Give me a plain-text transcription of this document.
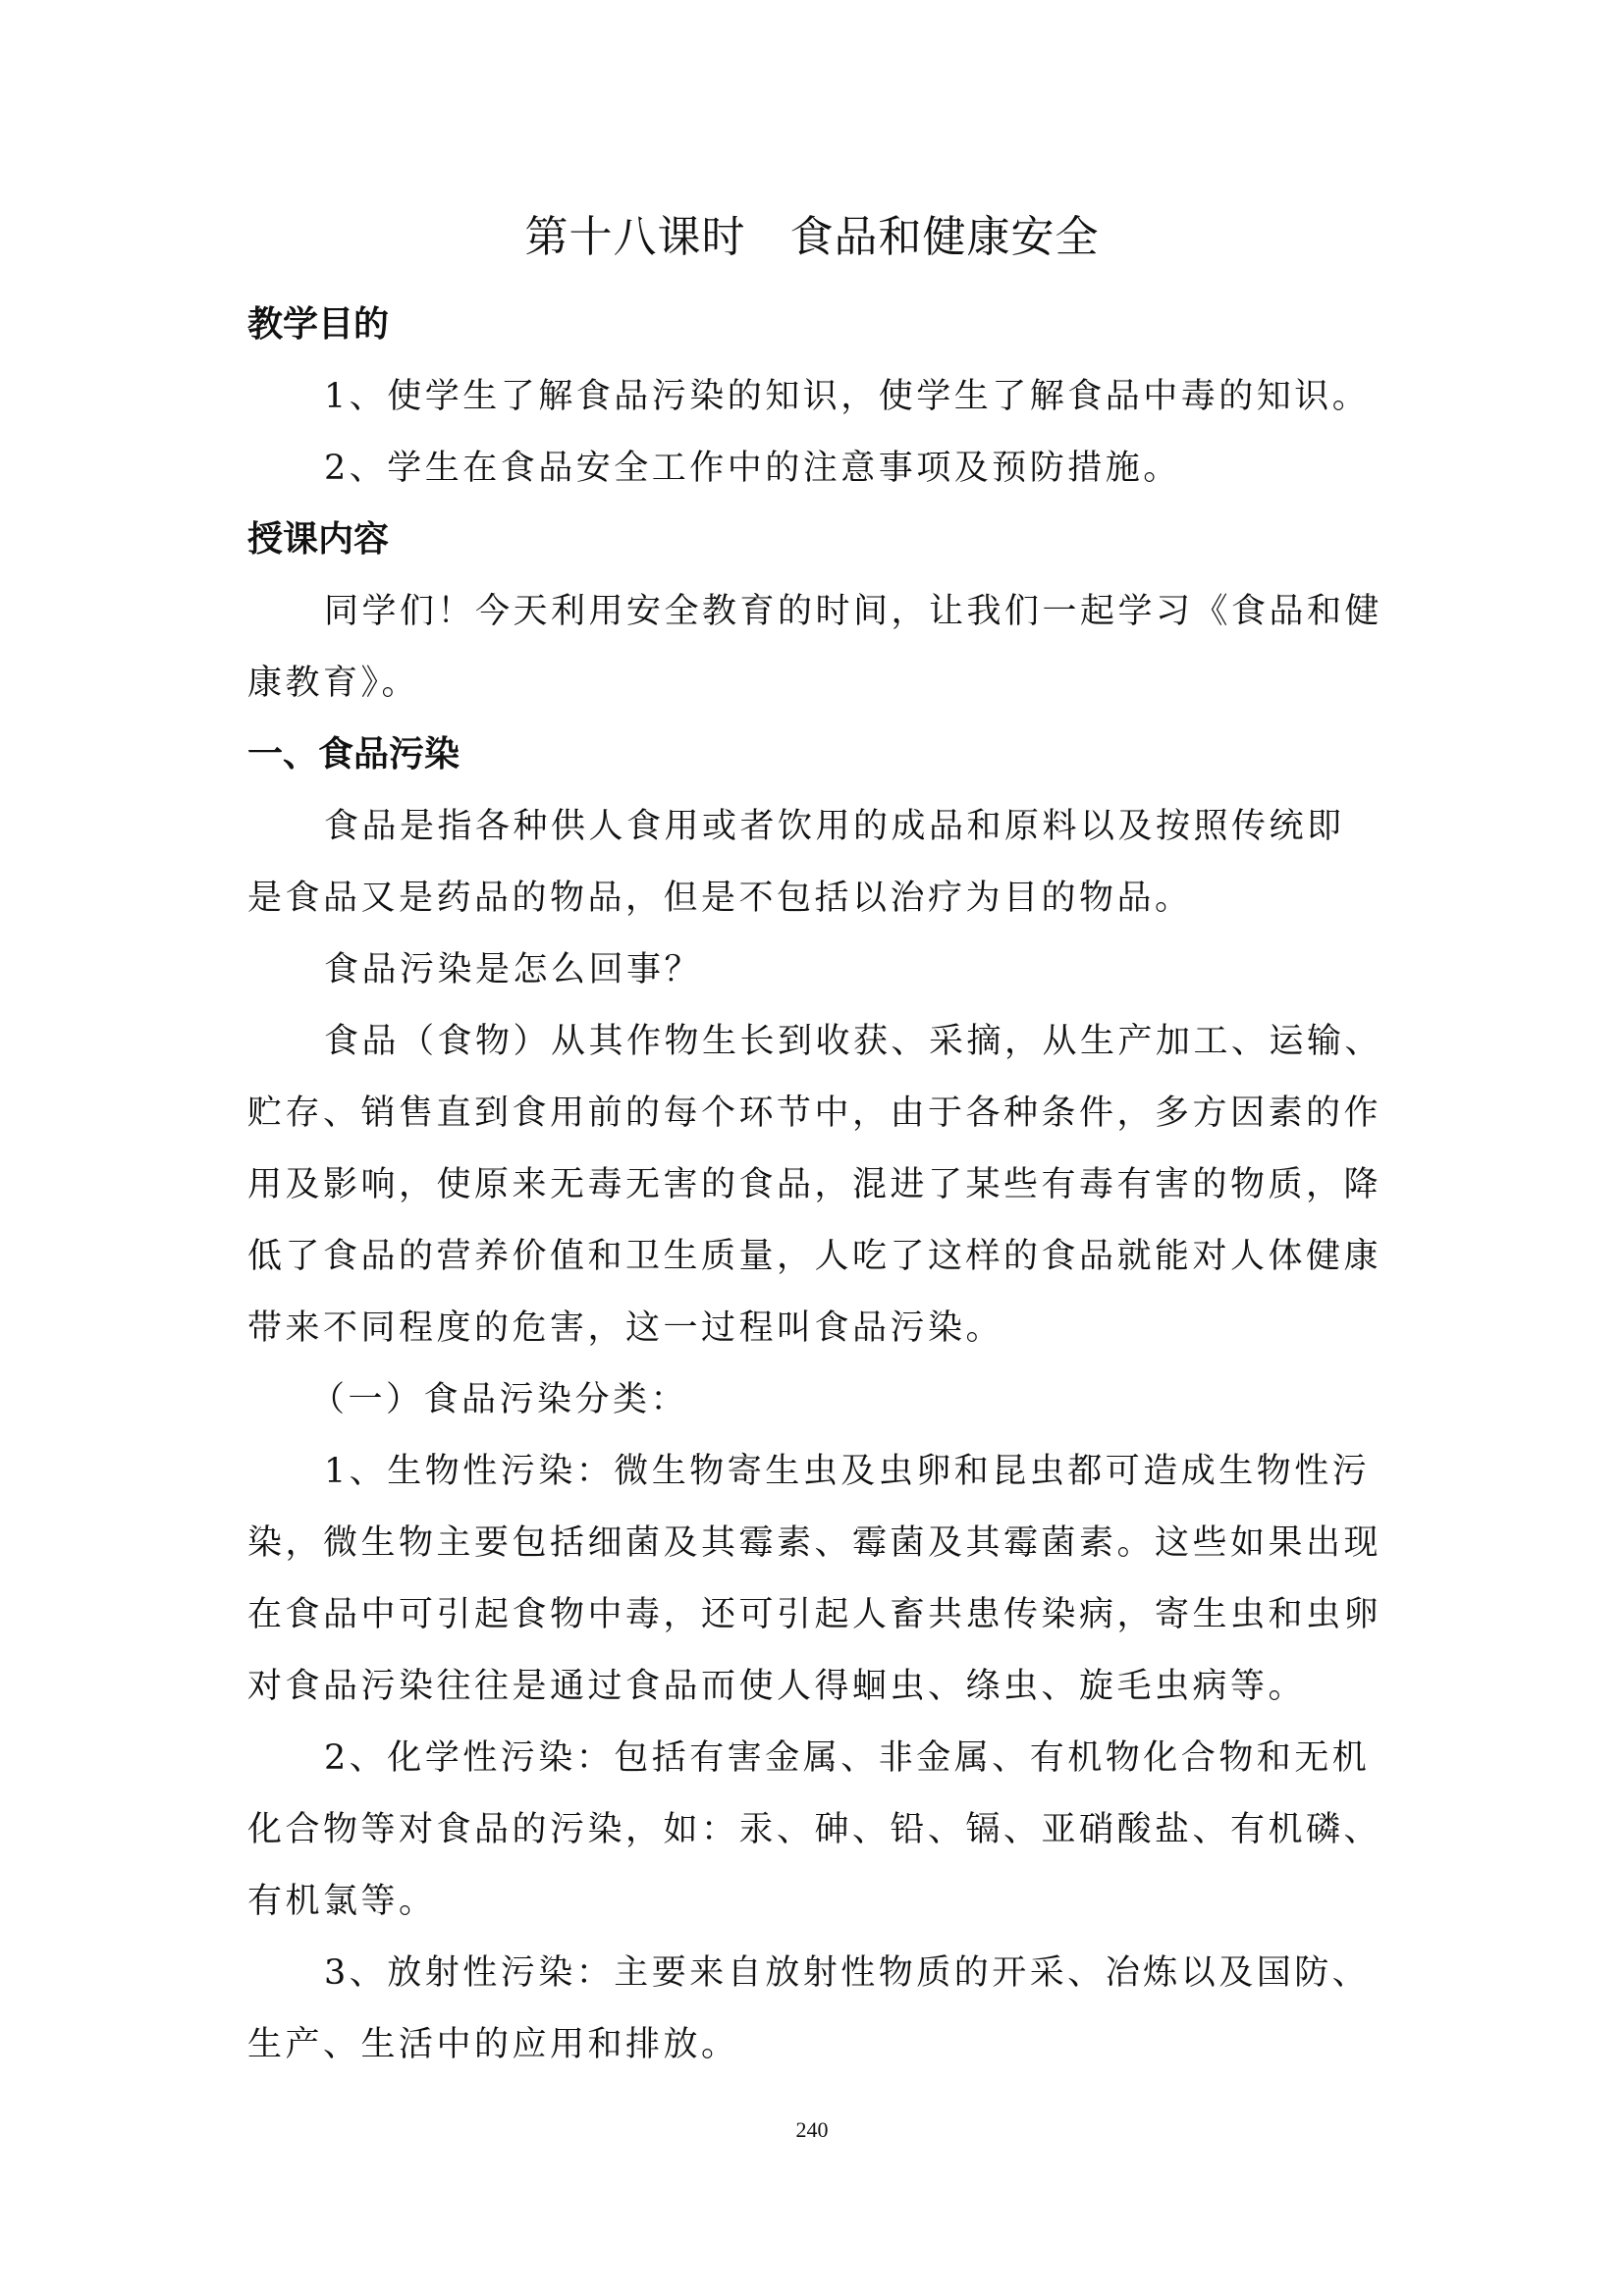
第十八课时　食品和健康安全
教学目的
1、使学生了解食品污染的知识，使学生了解食品中毒的知识。
2、学生在食品安全工作中的注意事项及预防措施。
授课内容
同学们！今天利用安全教育的时间，让我们一起学习《食品和健
康教育》。
一、食品污染
食品是指各种供人食用或者饮用的成品和原料以及按照传统即
是食品又是药品的物品，但是不包括以治疗为目的物品。
食品污染是怎么回事？
食品（食物）从其作物生长到收获、采摘，从生产加工、运输、
贮存、销售直到食用前的每个环节中，由于各种条件，多方因素的作
用及影响，使原来无毒无害的食品，混进了某些有毒有害的物质，降
低了食品的营养价值和卫生质量，人吃了这样的食品就能对人体健康
带来不同程度的危害，这一过程叫食品污染。
（一）食品污染分类：
1、生物性污染：微生物寄生虫及虫卵和昆虫都可造成生物性污
染，微生物主要包括细菌及其霉素、霉菌及其霉菌素。这些如果出现
在食品中可引起食物中毒，还可引起人畜共患传染病，寄生虫和虫卵
对食品污染往往是通过食品而使人得蛔虫、绦虫、旋毛虫病等。
2、化学性污染：包括有害金属、非金属、有机物化合物和无机
化合物等对食品的污染，如：汞、砷、铅、镉、亚硝酸盐、有机磷、
有机氯等。
3、放射性污染：主要来自放射性物质的开采、冶炼以及国防、
生产、生活中的应用和排放。
240
